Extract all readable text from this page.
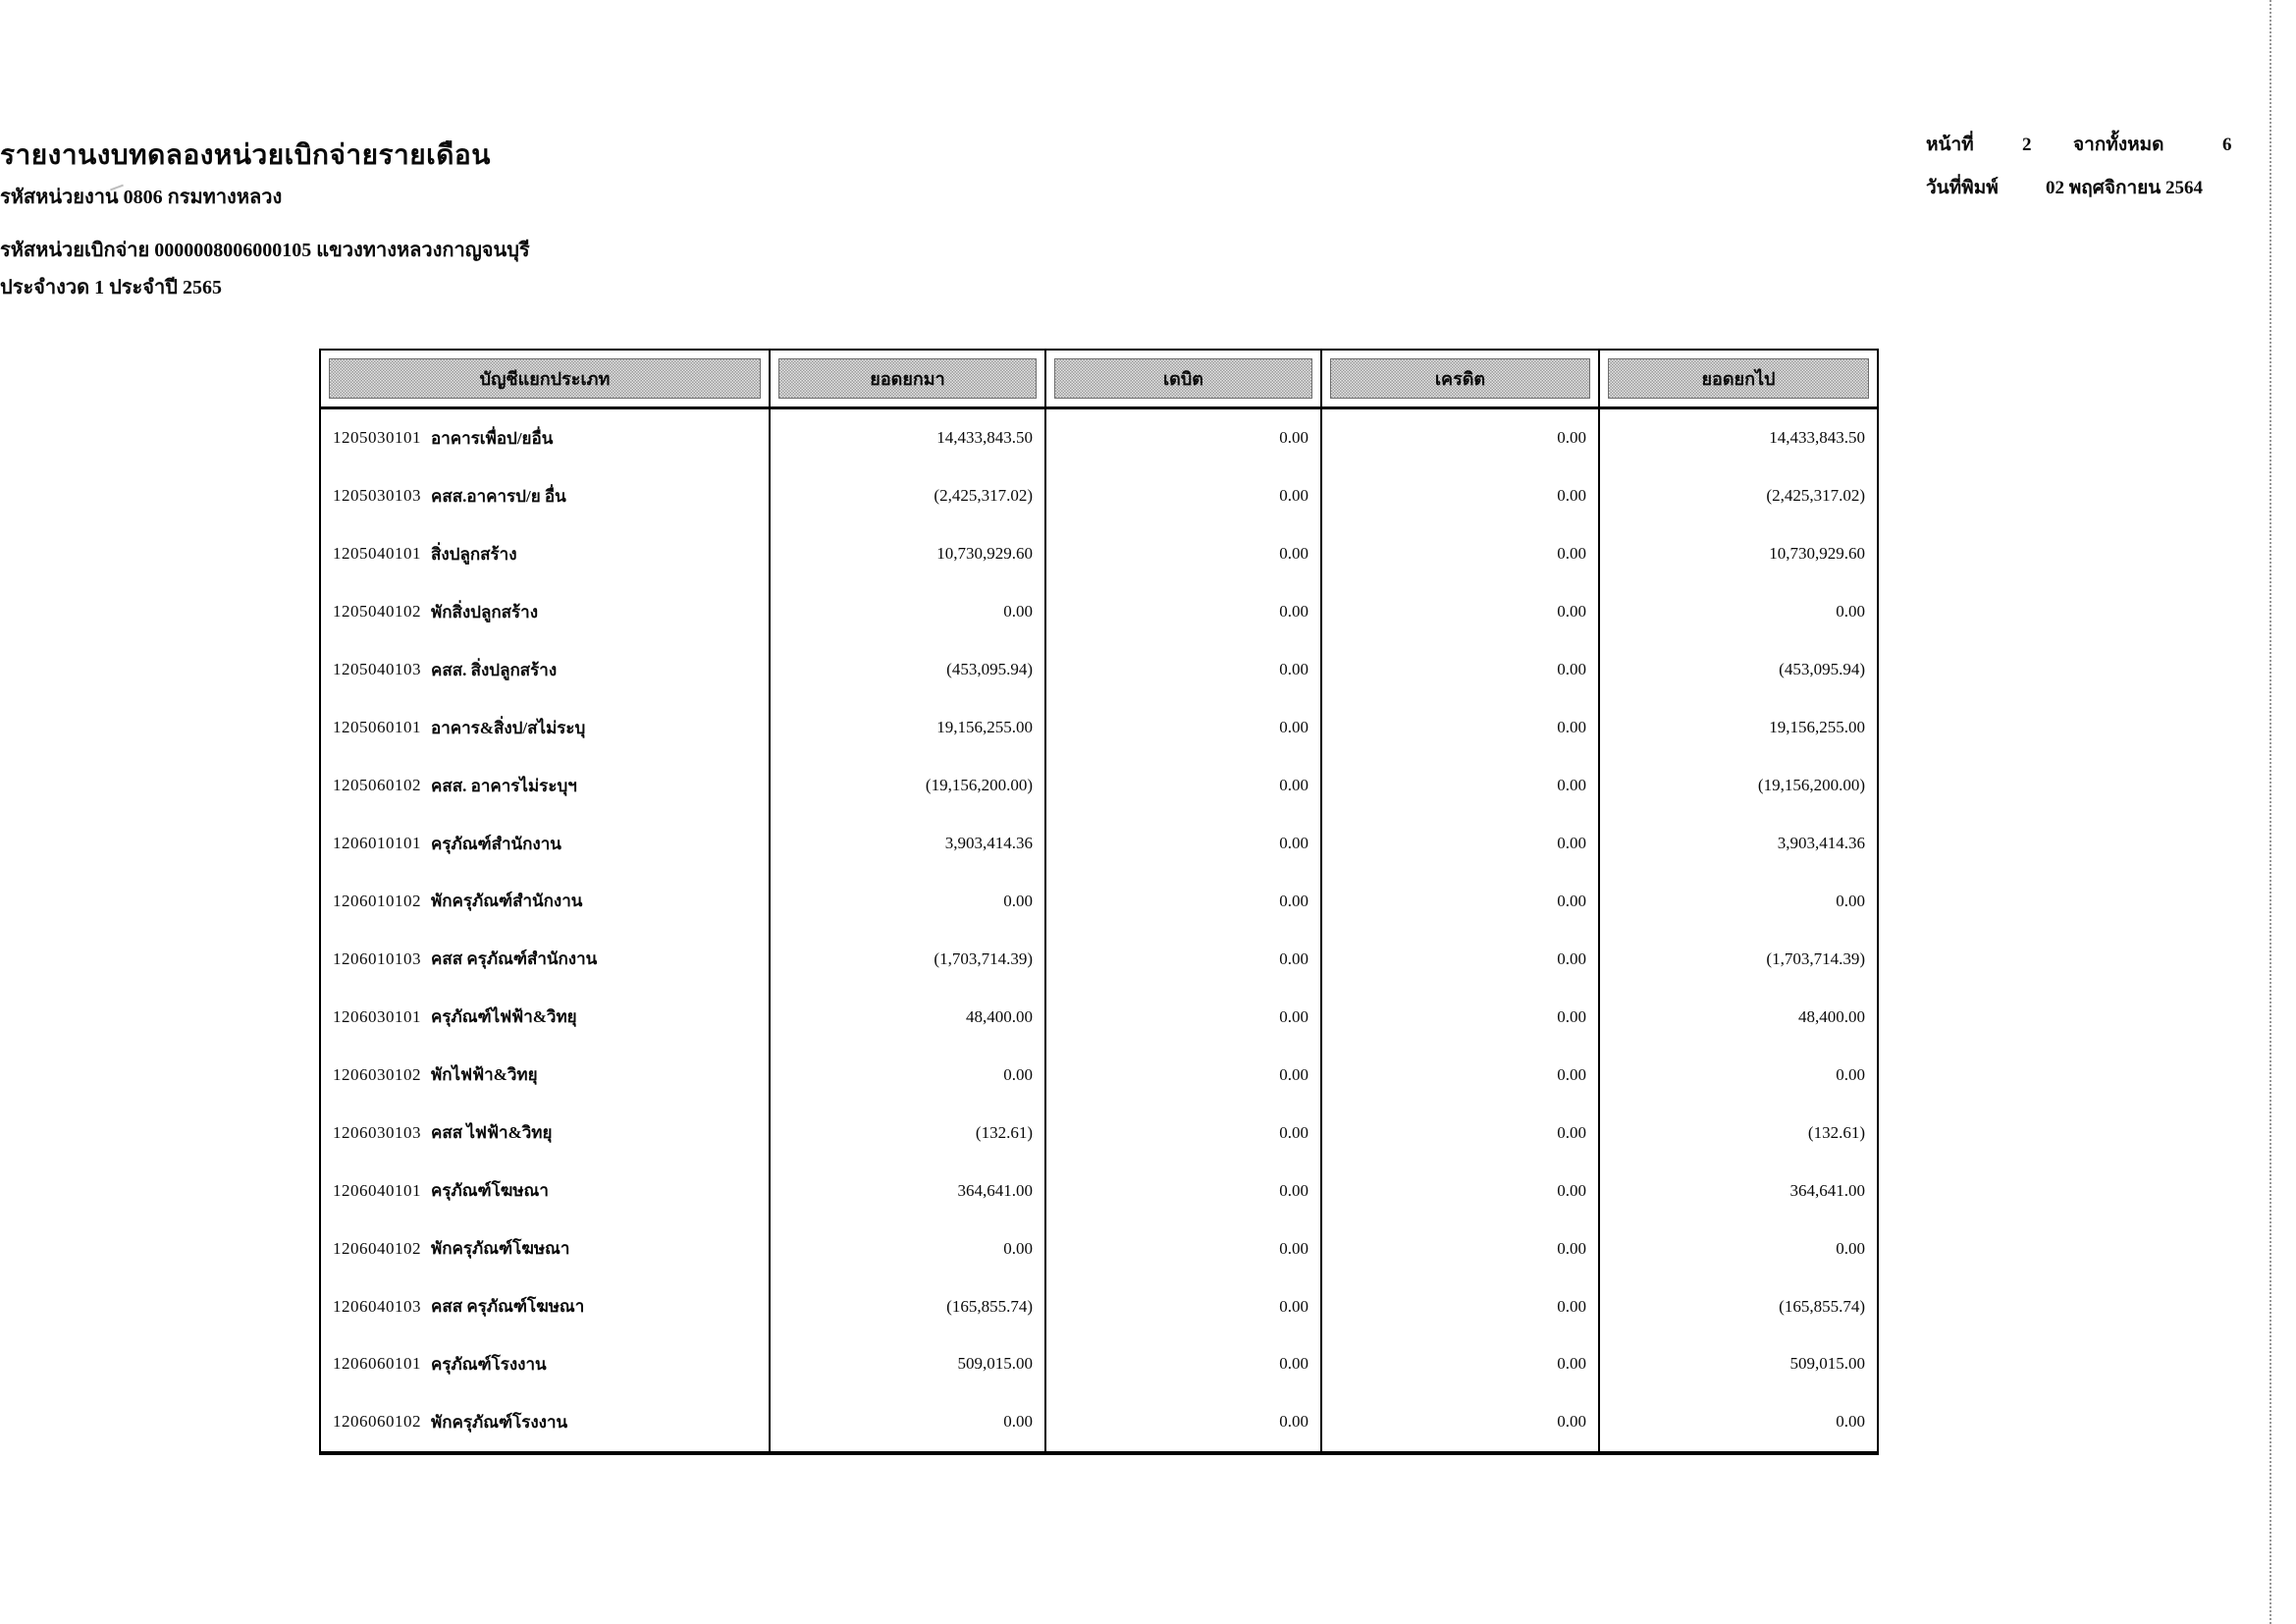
รายงานงบทดลองหน่วยเบิกจ่ายรายเดือน
รหัสหน่วยงาน 0806 กรมทางหลวง
รหัสหน่วยเบิกจ่าย 0000008006000105 แขวงทางหลวงกาญจนบุรี
ประจำงวด 1 ประจำปี 2565
หน้าที่	2	จากทั้งหมด	6
วันที่พิมพ์	02 พฤศจิกายน 2564
บัญชีแยกประเภท	ยอดยกมา	เดบิต	เครดิต	ยอดยกไป
1205030101 อาคารเพื่อป/ยอื่น	14,433,843.50	0.00	0.00	14,433,843.50
1205030103 คสส.อาคารป/ย อื่น	(2,425,317.02)	0.00	0.00	(2,425,317.02)
1205040101 สิ่งปลูกสร้าง	10,730,929.60	0.00	0.00	10,730,929.60
1205040102 พักสิ่งปลูกสร้าง	0.00	0.00	0.00	0.00
1205040103 คสส. สิ่งปลูกสร้าง	(453,095.94)	0.00	0.00	(453,095.94)
1205060101 อาคาร&สิ่งป/สไม่ระบุ	19,156,255.00	0.00	0.00	19,156,255.00
1205060102 คสส. อาคารไม่ระบุฯ	(19,156,200.00)	0.00	0.00	(19,156,200.00)
1206010101 ครุภัณฑ์สำนักงาน	3,903,414.36	0.00	0.00	3,903,414.36
1206010102 พักครุภัณฑ์สำนักงาน	0.00	0.00	0.00	0.00
1206010103 คสส ครุภัณฑ์สำนักงาน	(1,703,714.39)	0.00	0.00	(1,703,714.39)
1206030101 ครุภัณฑ์ไฟฟ้า&วิทยุ	48,400.00	0.00	0.00	48,400.00
1206030102 พักไฟฟ้า&วิทยุ	0.00	0.00	0.00	0.00
1206030103 คสส ไฟฟ้า&วิทยุ	(132.61)	0.00	0.00	(132.61)
1206040101 ครุภัณฑ์โฆษณา	364,641.00	0.00	0.00	364,641.00
1206040102 พักครุภัณฑ์โฆษณา	0.00	0.00	0.00	0.00
1206040103 คสส ครุภัณฑ์โฆษณา	(165,855.74)	0.00	0.00	(165,855.74)
1206060101 ครุภัณฑ์โรงงาน	509,015.00	0.00	0.00	509,015.00
1206060102 พักครุภัณฑ์โรงงาน	0.00	0.00	0.00	0.00
